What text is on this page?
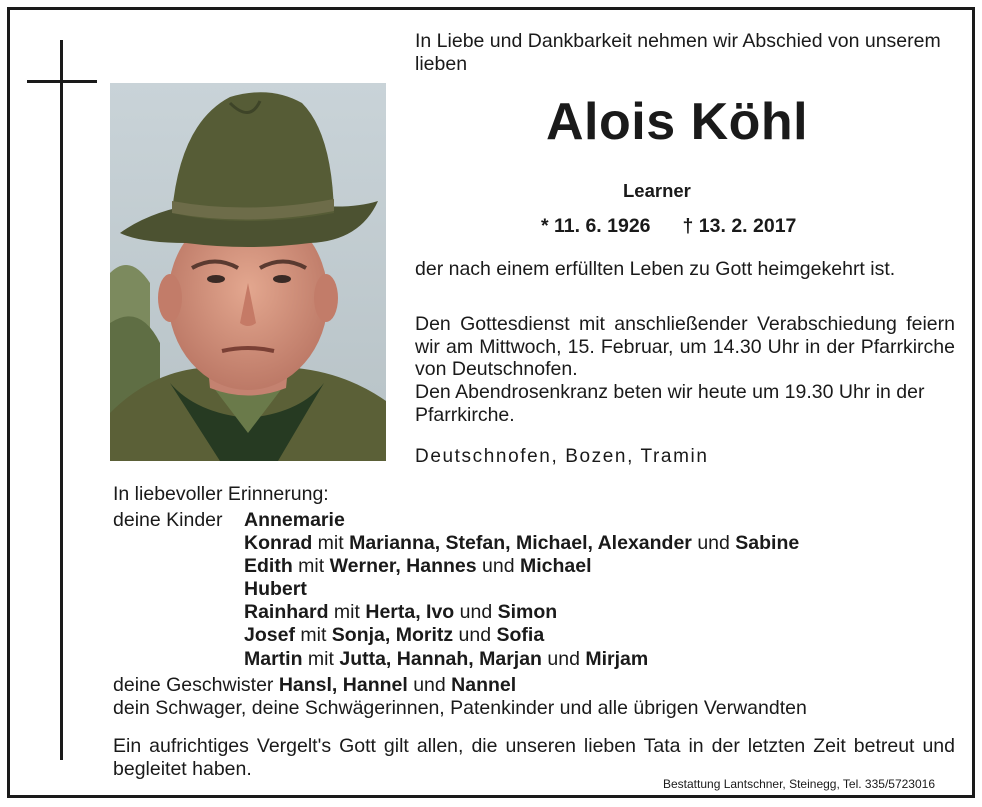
In Liebe und Dankbarkeit nehmen wir Abschied von unserem lieben
Alois Köhl
Learner
* 11. 6. 1926 † 13. 2. 2017
der nach einem erfüllten Leben zu Gott heimgekehrt ist.
Den Gottesdienst mit anschließender Verabschiedung feiern wir am Mittwoch, 15. Februar, um 14.30 Uhr in der Pfarrkirche von Deutschnofen.
Den Abendrosenkranz beten wir heute um 19.30 Uhr in der Pfarrkirche.
Deutschnofen, Bozen, Tramin
In liebevoller Erinnerung:
deine Kinder Annemarie
Konrad mit Marianna, Stefan, Michael, Alexander und Sabine
Edith mit Werner, Hannes und Michael
Hubert
Rainhard mit Herta, Ivo und Simon
Josef mit Sonja, Moritz und Sofia
Martin mit Jutta, Hannah, Marjan und Mirjam
deine Geschwister Hansl, Hannel und Nannel
dein Schwager, deine Schwägerinnen, Patenkinder und alle übrigen Verwandten
Ein aufrichtiges Vergelt's Gott gilt allen, die unseren lieben Tata in der letzten Zeit betreut und begleitet haben.
Bestattung Lantschner, Steinegg, Tel. 335/5723016
